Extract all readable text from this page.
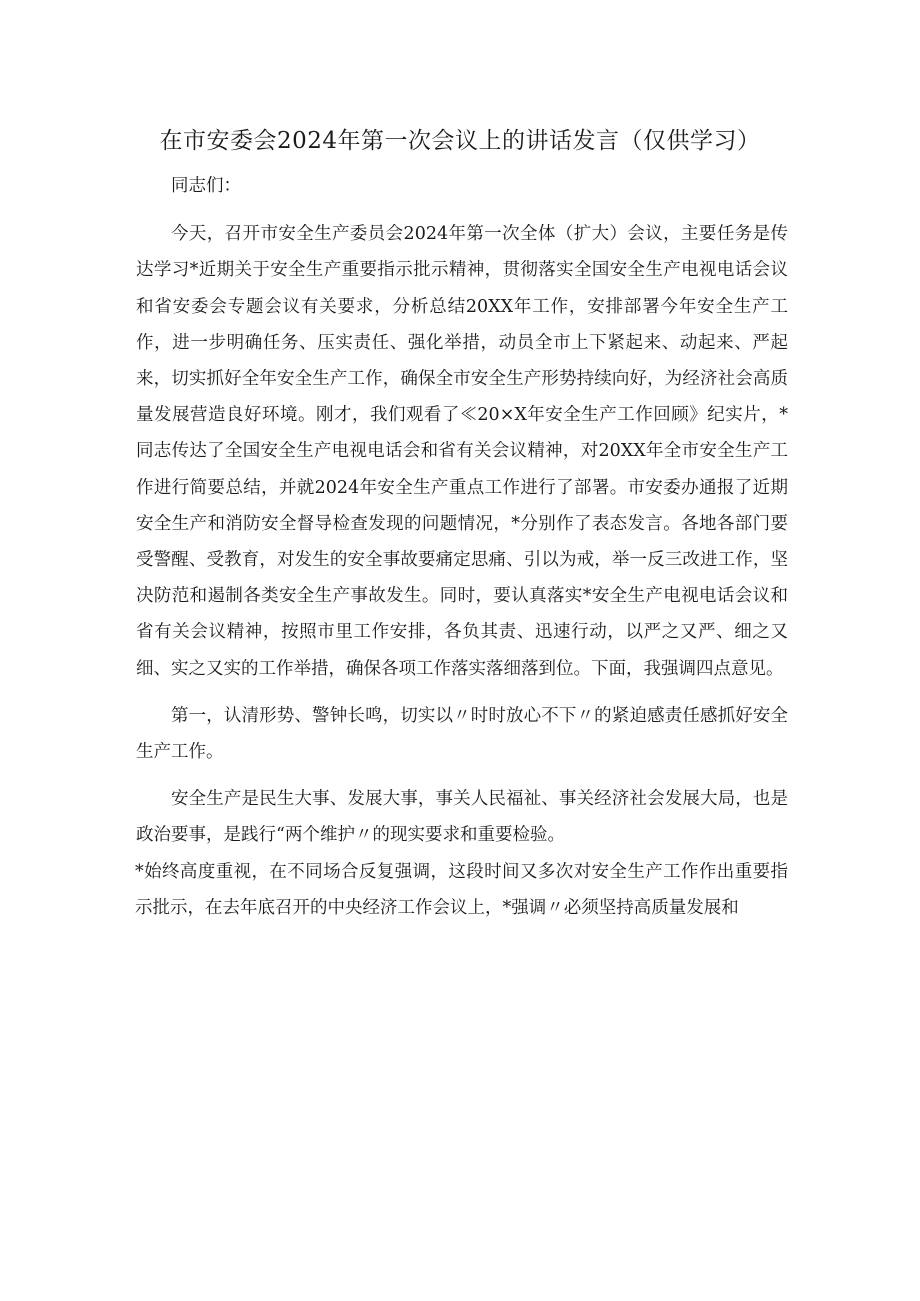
在市安委会2024年第一次会议上的讲话发言（仅供学习）

同志们：

今天，召开市安全生产委员会2024年第一次全体（扩大）会议，主要任务是传达学习*近期关于安全生产重要指示批示精神，贯彻落实全国安全生产电视电话会议和省安委会专题会议有关要求，分析总结20XX年工作，安排部署今年安全生产工作，进一步明确任务、压实责任、强化举措，动员全市上下紧起来、动起来、严起来，切实抓好全年安全生产工作，确保全市安全生产形势持续向好，为经济社会高质量发展营造良好环境。刚才，我们观看了≪20×X年安全生产工作回顾》纪实片，*同志传达了全国安全生产电视电话会和省有关会议精神，对20XX年全市安全生产工作进行简要总结，并就2024年安全生产重点工作进行了部署。市安委办通报了近期安全生产和消防安全督导检查发现的问题情况，*分别作了表态发言。各地各部门要受警醒、受教育，对发生的安全事故要痛定思痛、引以为戒，举一反三改进工作，坚决防范和遏制各类安全生产事故发生。同时，要认真落实*安全生产电视电话会议和省有关会议精神，按照市里工作安排，各负其责、迅速行动，以严之又严、细之又细、实之又实的工作举措，确保各项工作落实落细落到位。下面，我强调四点意见。

第一，认清形势、警钟长鸣，切实以〃时时放心不下〃的紧迫感责任感抓好安全生产工作。

安全生产是民生大事、发展大事，事关人民福祉、事关经济社会发展大局，也是政治要事，是践行“两个维护〃的现实要求和重要检验。

*始终高度重视，在不同场合反复强调，这段时间又多次对安全生产工作作出重要指示批示，在去年底召开的中央经济工作会议上，*强调〃必须坚持高质量发展和
